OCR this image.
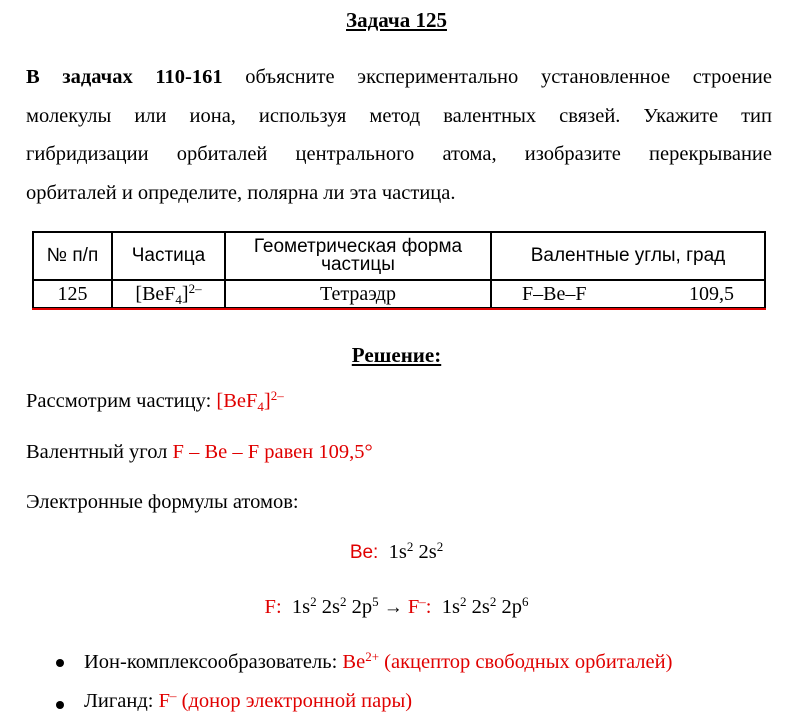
Задача 125
В задачах 110-161 объясните экспериментально установленное строение
молекулы или иона, используя метод валентных связей. Укажите тип
гибридизации орбиталей центрального атома, изобразите перекрывание
орбиталей и определите, полярна ли эта частица.
№ п/п	Частица	Геометрическая форма частицы	Валентные углы, град
125	$[BeF_4]^{2-}$	Тетраэдр	F–Be–F 109,5
Решение:
Рассмотрим частицу: $[BeF_4]^{2-}$
Валентный угол F – Be – F равен 109,5°
Электронные формулы атомов:
Be: $1s^2$ $2s^2$
F: $1s^2$ $2s^2$ $2p^5 \to F^-$: $1s^2$ $2s^2$ $2p^6$
Ион-комплексообразователь: $Be^{2+}$ (акцептор свободных орбиталей)
Лиганд: F– (донор электронной пары)
